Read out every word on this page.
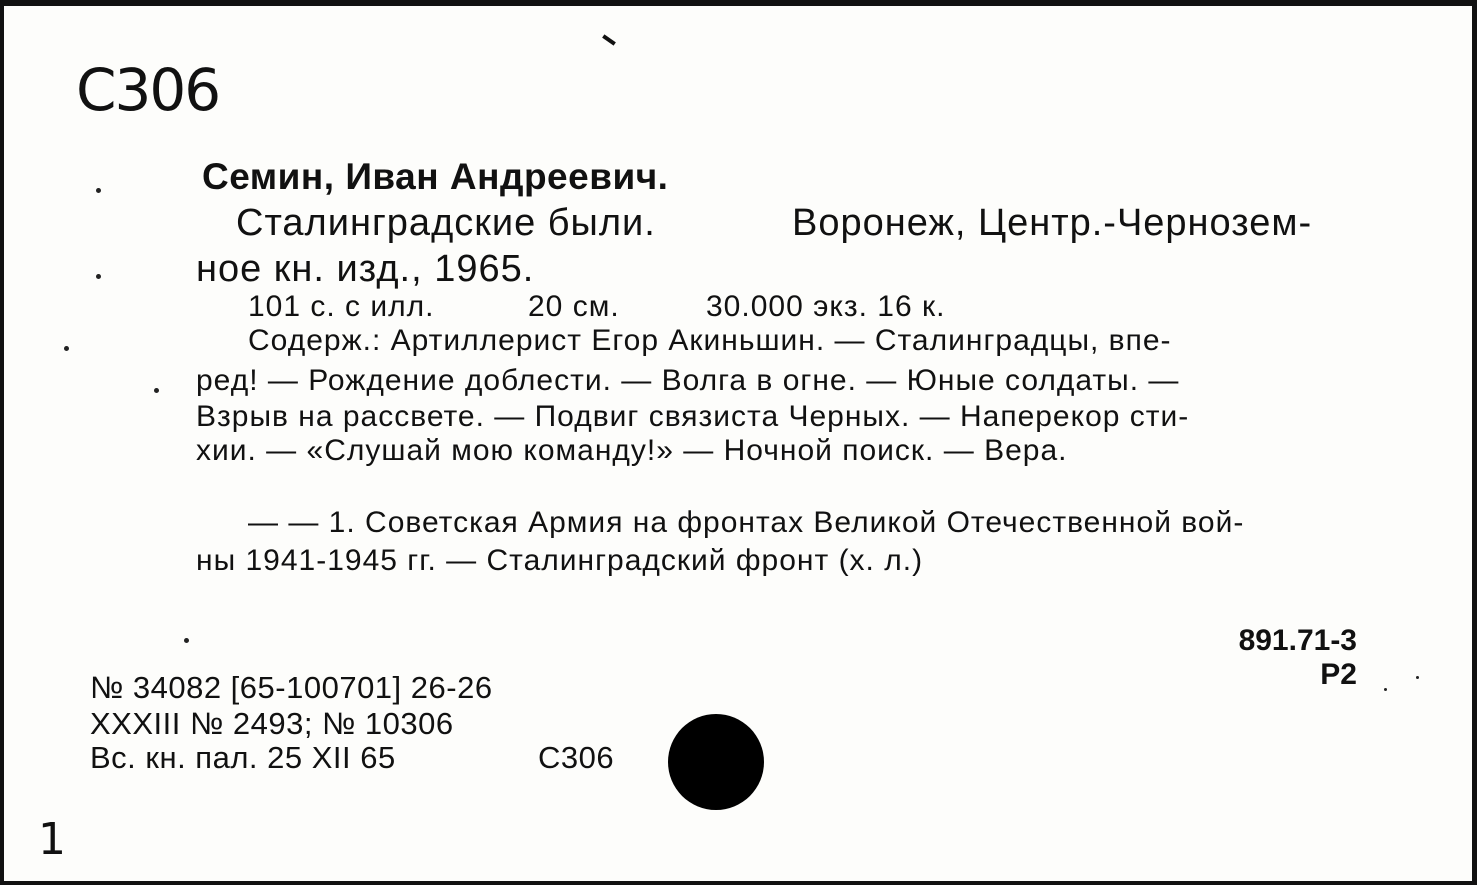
С306
Семин, Иван Андреевич.
Сталинградские были.	Воронеж, Центр.-Чернозем-
ное кн. изд., 1965.
101 с. с илл.	20 см.	30.000 экз. 16 к.
Содерж.: Артиллерист Егор Акиньшин. — Сталинградцы, впе-
ред! — Рождение доблести. — Волга в огне. — Юные солдаты. —
Взрыв на рассвете. — Подвиг связиста Черных. — Наперекор сти-
хии. — «Слушай мою команду!» — Ночной поиск. — Вера.
— — 1. Советская Армия на фронтах Великой Отечественной вой-
ны 1941-1945 гг. — Сталинградский фронт (х. л.)
891.71-3
Р2
№ 34082 [65-100701] 26-26
XXXIII № 2493; № 10306
Вс. кн. пал. 25 XII 65	С306
1
